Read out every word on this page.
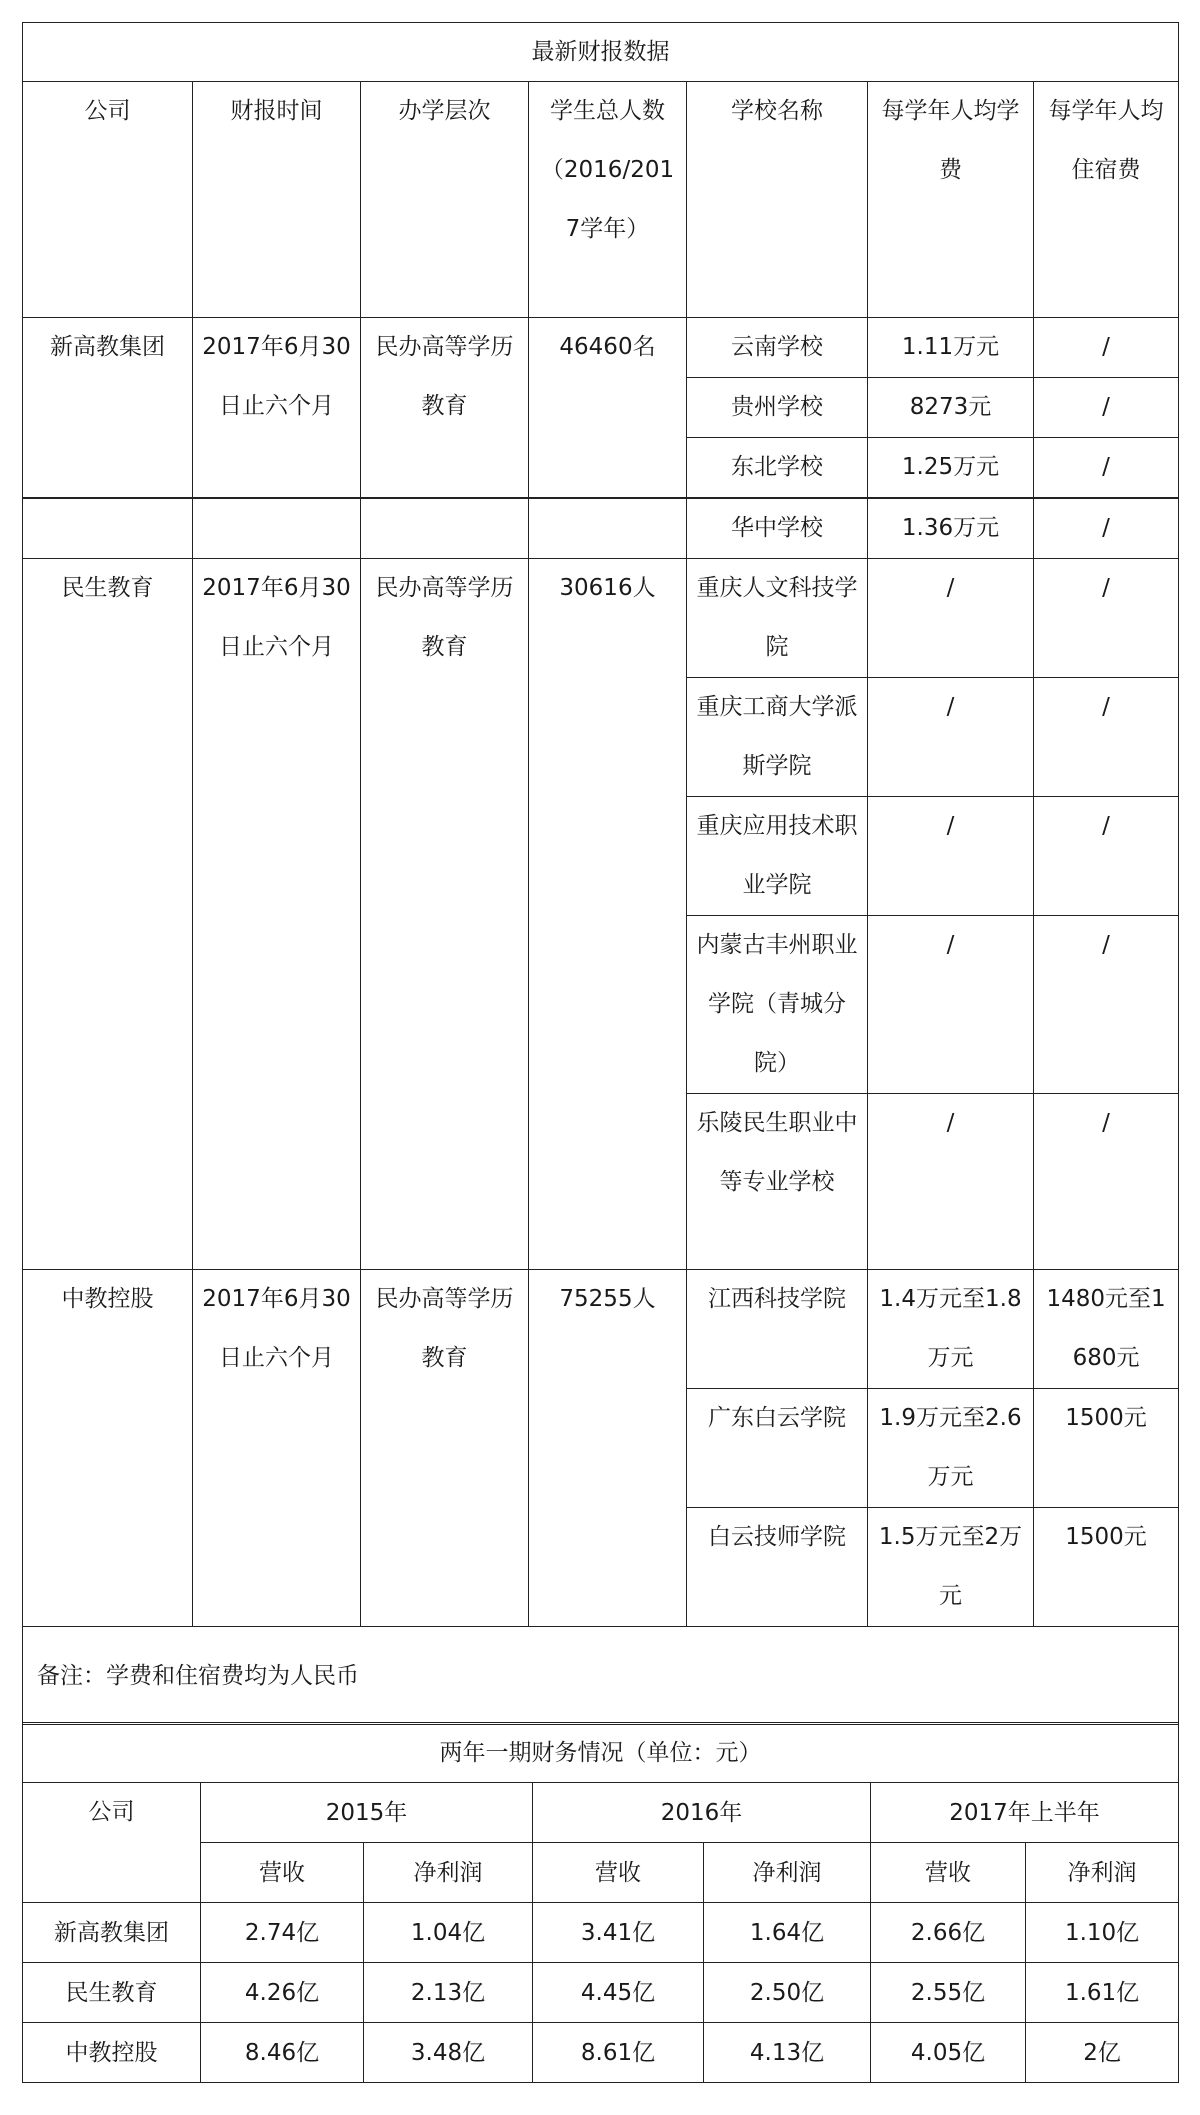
最新财报数据						
公司	财报时间	办学层次	学生总人数（2016/2017学年）	学校名称	每学年人均学费	每学年人均住宿费
新高教集团	2017年6月30日止六个月	民办高等学历教育	46460名	云南学校	1.11万元	/
				贵州学校	8273元	/
				东北学校	1.25万元	/
				华中学校	1.36万元	/
民生教育	2017年6月30日止六个月	民办高等学历教育	30616人	重庆人文科技学院	/	/
				重庆工商大学派斯学院	/	/
				重庆应用技术职业学院	/	/
				内蒙古丰州职业学院（青城分院）	/	/
				乐陵民生职业中等专业学校	/	/
中教控股	2017年6月30日止六个月	民办高等学历教育	75255人	江西科技学院	1.4万元至1.8万元	1480元至1680元
				广东白云学院	1.9万元至2.6万元	1500元
				白云技师学院	1.5万元至2万元	1500元
备注：学费和住宿费均为人民币						
两年一期财务情况（单位：元）						
公司	2015年		2016年		2017年上半年	
	营收	净利润	营收	净利润	营收	净利润
新高教集团	2.74亿	1.04亿	3.41亿	1.64亿	2.66亿	1.10亿
民生教育	4.26亿	2.13亿	4.45亿	2.50亿	2.55亿	1.61亿
中教控股	8.46亿	3.48亿	8.61亿	4.13亿	4.05亿	2亿
